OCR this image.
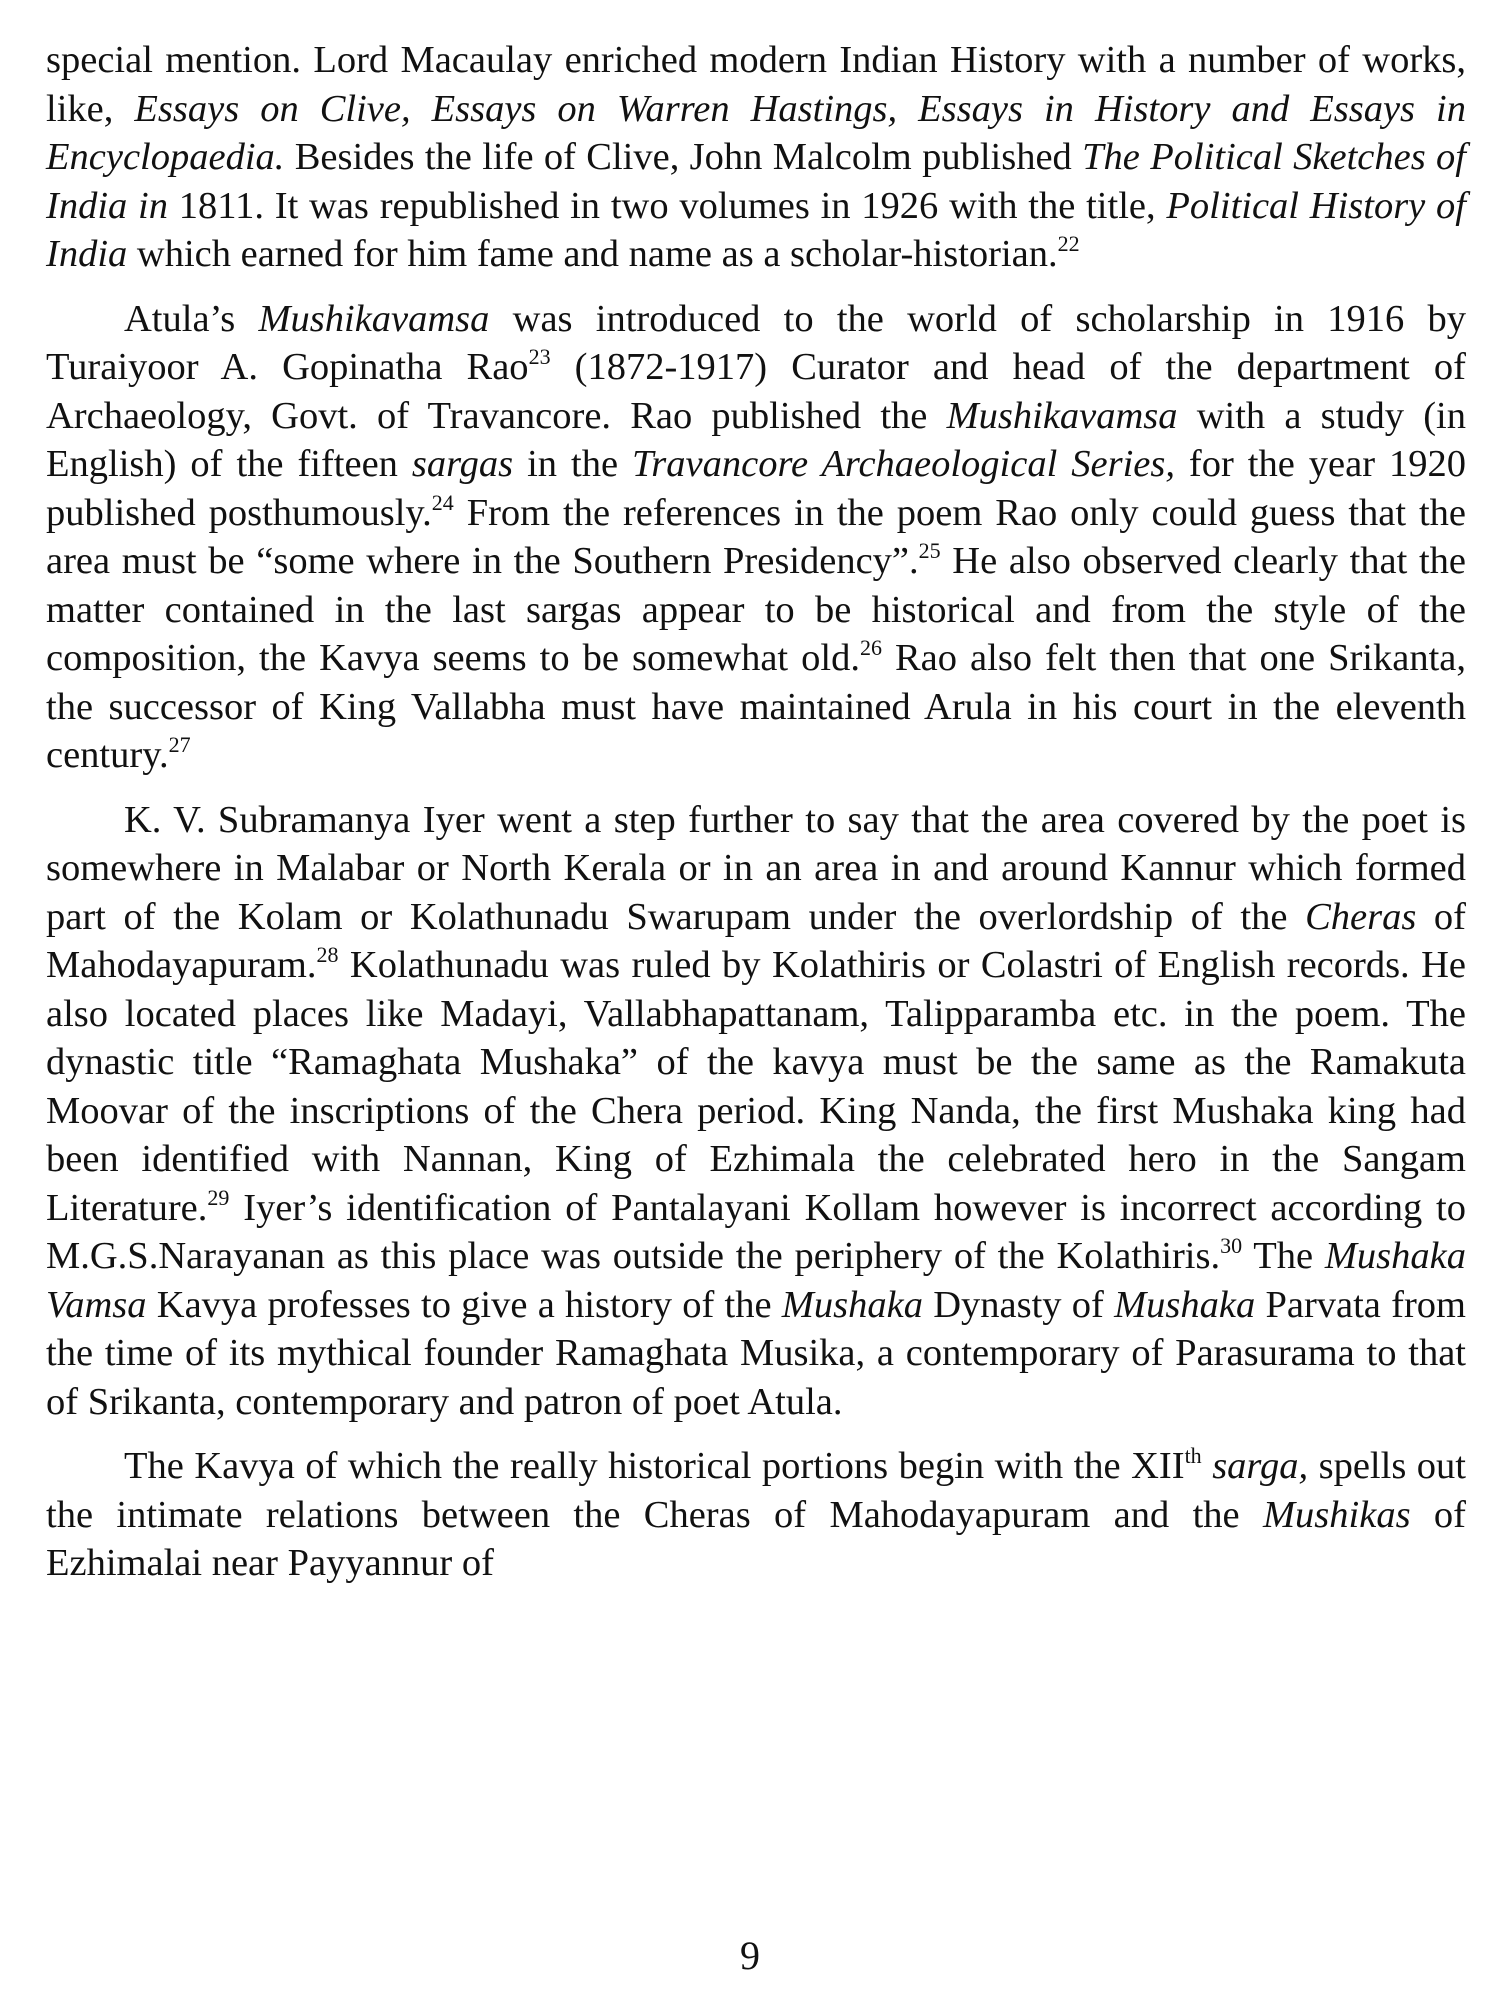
special mention. Lord Macaulay enriched modern Indian History with a number of works, like, Essays on Clive, Essays on Warren Hastings, Essays in History and Essays in Encyclopaedia. Besides the life of Clive, John Malcolm published The Political Sketches of India in 1811. It was republished in two volumes in 1926 with the title, Political History of India which earned for him fame and name as a scholar-historian.$^{22}$

Atula’s Mushikavamsa was introduced to the world of scholarship in 1916 by Turaiyoor A. Gopinatha Rao$^{23}$ (1872-1917) Curator and head of the department of Archaeology, Govt. of Travancore. Rao published the Mushikavamsa with a study (in English) of the fifteen sargas in the Travancore Archaeological Series, for the year 1920 published posthumously.$^{24}$ From the references in the poem Rao only could guess that the area must be “some where in the Southern Presidency”.$^{25}$ He also observed clearly that the matter contained in the last sargas appear to be historical and from the style of the composition, the Kavya seems to be somewhat old.$^{26}$ Rao also felt then that one Srikanta, the successor of King Vallabha must have maintained Arula in his court in the eleventh century.$^{27}$

K. V. Subramanya Iyer went a step further to say that the area covered by the poet is somewhere in Malabar or North Kerala or in an area in and around Kannur which formed part of the Kolam or Kolathunadu Swarupam under the overlordship of the Cheras of Mahodayapuram.$^{28}$ Kolathunadu was ruled by Kolathiris or Colastri of English records. He also located places like Madayi, Vallabhapattanam, Talipparamba etc. in the poem. The dynastic title “Ramaghata Mushaka” of the kavya must be the same as the Ramakuta Moovar of the inscriptions of the Chera period. King Nanda, the first Mushaka king had been identified with Nannan, King of Ezhimala the celebrated hero in the Sangam Literature.$^{29}$ Iyer’s identification of Pantalayani Kollam however is incorrect according to M.G.S.Narayanan as this place was outside the periphery of the Kolathiris.$^{30}$ The Mushaka Vamsa Kavya professes to give a history of the Mushaka Dynasty of Mushaka Parvata from the time of its mythical founder Ramaghata Musika, a contemporary of Parasurama to that of Srikanta, contemporary and patron of poet Atula.

The Kavya of which the really historical portions begin with the XIIth sarga, spells out the intimate relations between the Cheras of Mahodayapuram and the Mushikas of Ezhimalai near Payyannur of

9
